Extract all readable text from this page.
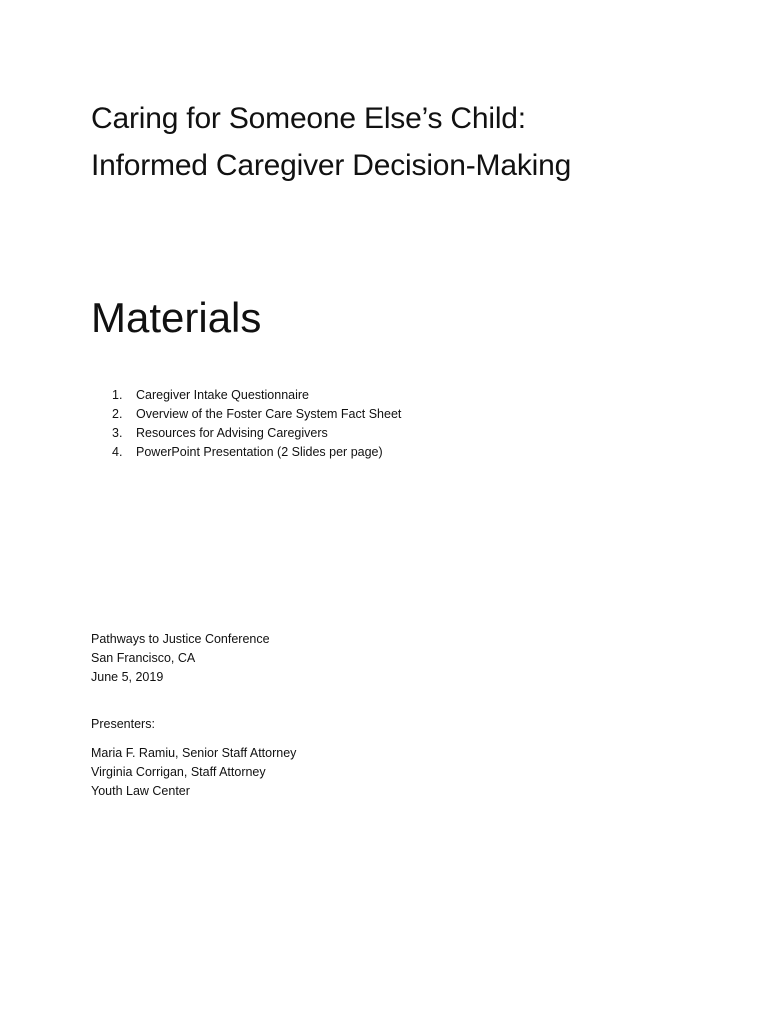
Caring for Someone Else’s Child:
Informed Caregiver Decision-Making
Materials
1. Caregiver Intake Questionnaire
2. Overview of the Foster Care System Fact Sheet
3. Resources for Advising Caregivers
4. PowerPoint Presentation (2 Slides per page)
Pathways to Justice Conference
San Francisco, CA
June 5, 2019
Presenters:
Maria F. Ramiu, Senior Staff Attorney
Virginia Corrigan, Staff Attorney
Youth Law Center
